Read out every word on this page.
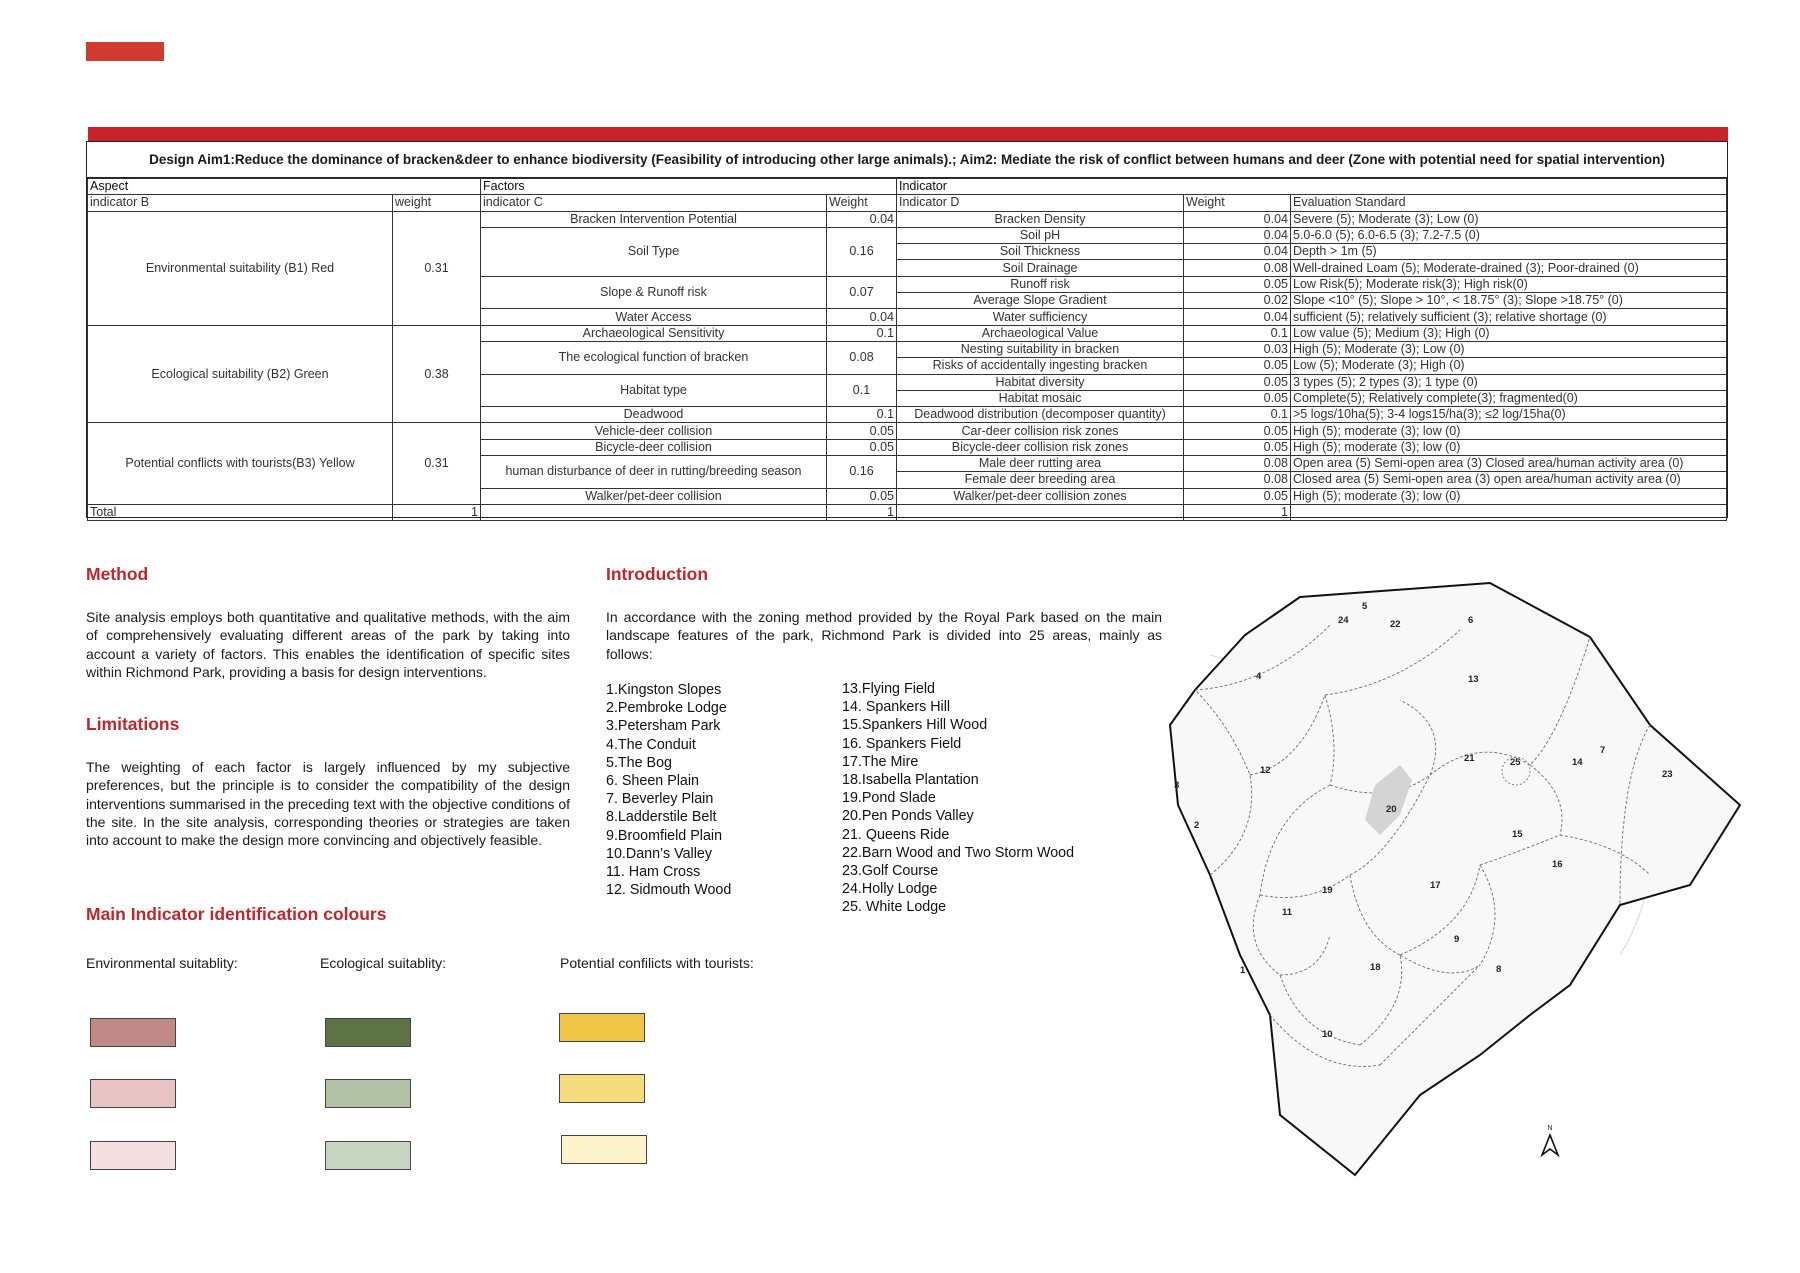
Design Aim1:Reduce the dominance of bracken&deer to enhance biodiversity (Feasibility of introducing other large animals).; Aim2: Mediate the risk of conflict between humans and deer (Zone with potential need for spatial intervention)
Aspect		Factors		Indicator		
indicator B	weight	indicator C	Weight	Indicator D	Weight	Evaluation Standard
Environmental suitability (B1) Red	0.31	Bracken Intervention Potential	0.04	Bracken Density	0.04	Severe (5); Moderate (3); Low (0)
		Soil Type	0.16	Soil pH	0.04	5.0-6.0 (5); 6.0-6.5 (3); 7.2-7.5 (0)
				Soil Thickness	0.04	Depth > 1m (5)
				Soil Drainage	0.08	Well-drained Loam (5); Moderate-drained (3); Poor-drained (0)
		Slope & Runoff risk	0.07	Runoff risk	0.05	Low Risk(5); Moderate risk(3); High risk(0)
				Average Slope Gradient	0.02	Slope <10° (5); Slope > 10°, < 18.75° (3); Slope >18.75° (0)
		Water Access	0.04	Water sufficiency	0.04	sufficient (5); relatively sufficient (3); relative shortage (0)
Ecological suitability (B2) Green	0.38	Archaeological Sensitivity	0.1	Archaeological Value	0.1	Low value (5); Medium (3); High (0)
		The ecological function of bracken	0.08	Nesting suitability in bracken	0.03	High (5); Moderate (3); Low (0)
				Risks of accidentally ingesting bracken	0.05	Low (5); Moderate (3); High (0)
		Habitat type	0.1	Habitat diversity	0.05	3 types (5); 2 types (3); 1 type (0)
				Habitat mosaic	0.05	Complete(5); Relatively complete(3); fragmented(0)
		Deadwood	0.1	Deadwood distribution (decomposer quantity)	0.1	>5 logs/10ha(5); 3-4 logs15/ha(3); ≤2 log/15ha(0)
Potential conflicts with tourists(B3) Yellow	0.31	Vehicle-deer collision	0.05	Car-deer collision risk zones	0.05	High (5); moderate (3); low (0)
		Bicycle-deer collision	0.05	Bicycle-deer collision risk zones	0.05	High (5); moderate (3); low (0)
		human disturbance of deer in rutting/breeding season	0.16	Male deer rutting area	0.08	Open area (5) Semi-open area (3) Closed area/human activity area (0)
				Female deer breeding area	0.08	Closed area (5) Semi-open area (3) open area/human activity area (0)
		Walker/pet-deer collision	0.05	Walker/pet-deer collision zones	0.05	High (5); moderate (3); low (0)
Total	1		1		1	
Method
Site analysis employs both quantitative and qualitative methods, with the aim of comprehensively evaluating different areas of the park by taking into account a variety of factors. This enables the identification of specific sites within Richmond Park, providing a basis for design interventions.
Limitations
The weighting of each factor is largely influenced by my subjective preferences, but the principle is to consider the compatibility of the design interventions summarised in the preceding text with the objective conditions of the site. In the site analysis, corresponding theories or strategies are taken into account to make the design more convincing and objectively feasible.
Main Indicator identification colours
Environmental suitablity:	Ecological suitablity:	Potential confilicts with tourists:
Introduction
In accordance with the zoning method provided by the Royal Park based on the main landscape features of the park, Richmond Park is divided into 25 areas, mainly as follows:
1.Kingston Slopes
2.Pembroke Lodge
3.Petersham Park
4.The Conduit
5.The Bog
6. Sheen Plain
7. Beverley Plain
8.Ladderstile Belt
9.Broomfield Plain
10.Dann’s Valley
11. Ham Cross
12. Sidmouth Wood
13.Flying Field
14. Spankers Hill
15.Spankers Hill Wood
16. Spankers Field
17.The Mire
18.Isabella Plantation
19.Pond Slade
20.Pen Ponds Valley
21. Queens Ride
22.Barn Wood and Two Storm Wood
23.Golf Course
24.Holly Lodge
25. White Lodge
1
2
3
4
5
6
7
8
9
10
11
12
13
14
15
16
17
18
19
20
21
22
23
24
25
N
